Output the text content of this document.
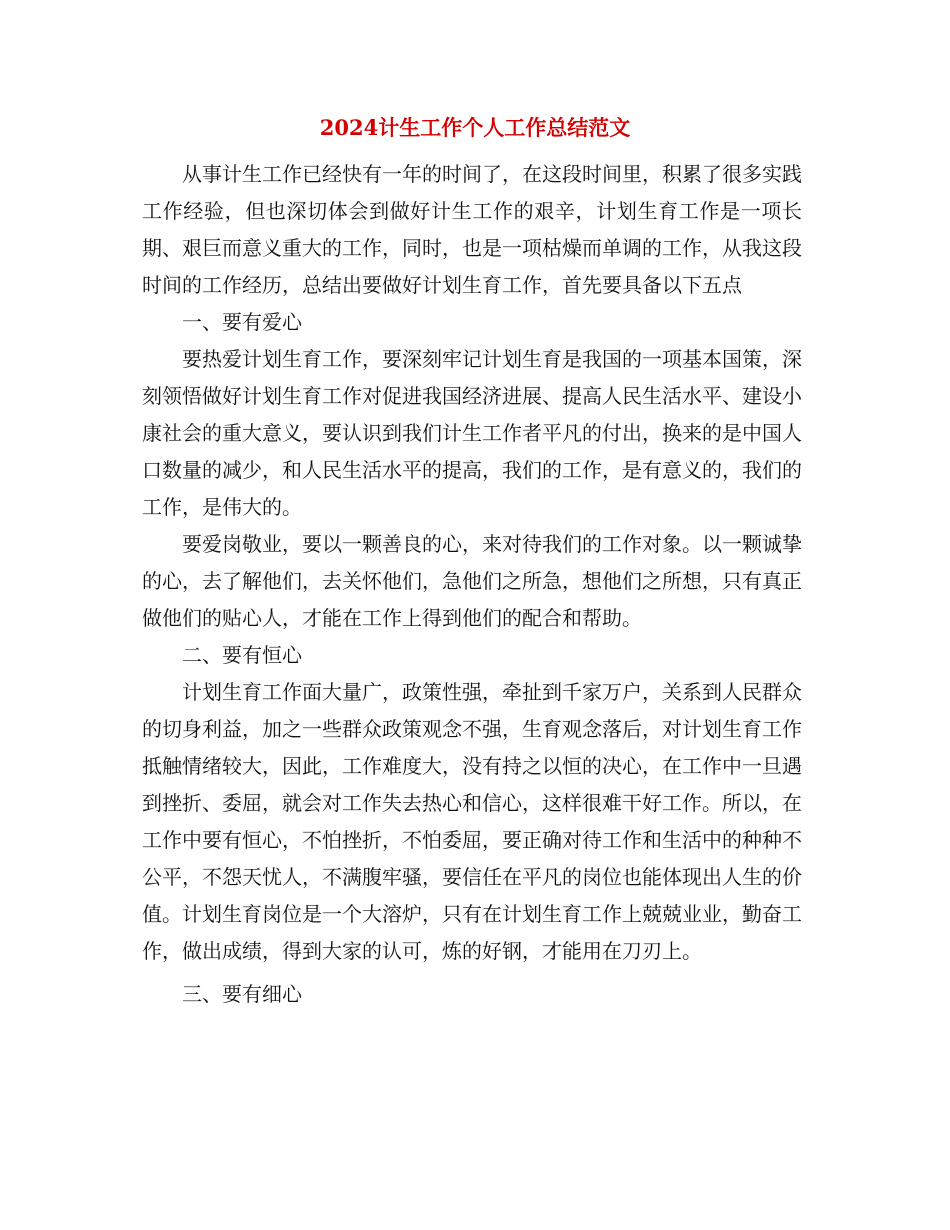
2024计生工作个人工作总结范文

从事计生工作已经快有一年的时间了，在这段时间里，积累了很多实践工作经验，但也深切体会到做好计生工作的艰辛，计划生育工作是一项长期、艰巨而意义重大的工作，同时，也是一项枯燥而单调的工作，从我这段时间的工作经历，总结出要做好计划生育工作，首先要具备以下五点

一、要有爱心

要热爱计划生育工作，要深刻牢记计划生育是我国的一项基本国策，深刻领悟做好计划生育工作对促进我国经济进展、提高人民生活水平、建设小康社会的重大意义，要认识到我们计生工作者平凡的付出，换来的是中国人口数量的减少，和人民生活水平的提高，我们的工作，是有意义的，我们的工作，是伟大的。

要爱岗敬业，要以一颗善良的心，来对待我们的工作对象。以一颗诚挚的心，去了解他们，去关怀他们，急他们之所急，想他们之所想，只有真正做他们的贴心人，才能在工作上得到他们的配合和帮助。

二、要有恒心

计划生育工作面大量广，政策性强，牵扯到千家万户，关系到人民群众的切身利益，加之一些群众政策观念不强，生育观念落后，对计划生育工作抵触情绪较大，因此，工作难度大，没有持之以恒的决心，在工作中一旦遇到挫折、委屈，就会对工作失去热心和信心，这样很难干好工作。所以，在工作中要有恒心，不怕挫折，不怕委屈，要正确对待工作和生活中的种种不公平，不怨天忧人，不满腹牢骚，要信任在平凡的岗位也能体现出人生的价值。计划生育岗位是一个大溶炉，只有在计划生育工作上兢兢业业，勤奋工作，做出成绩，得到大家的认可，炼的好钢，才能用在刀刃上。

三、要有细心
